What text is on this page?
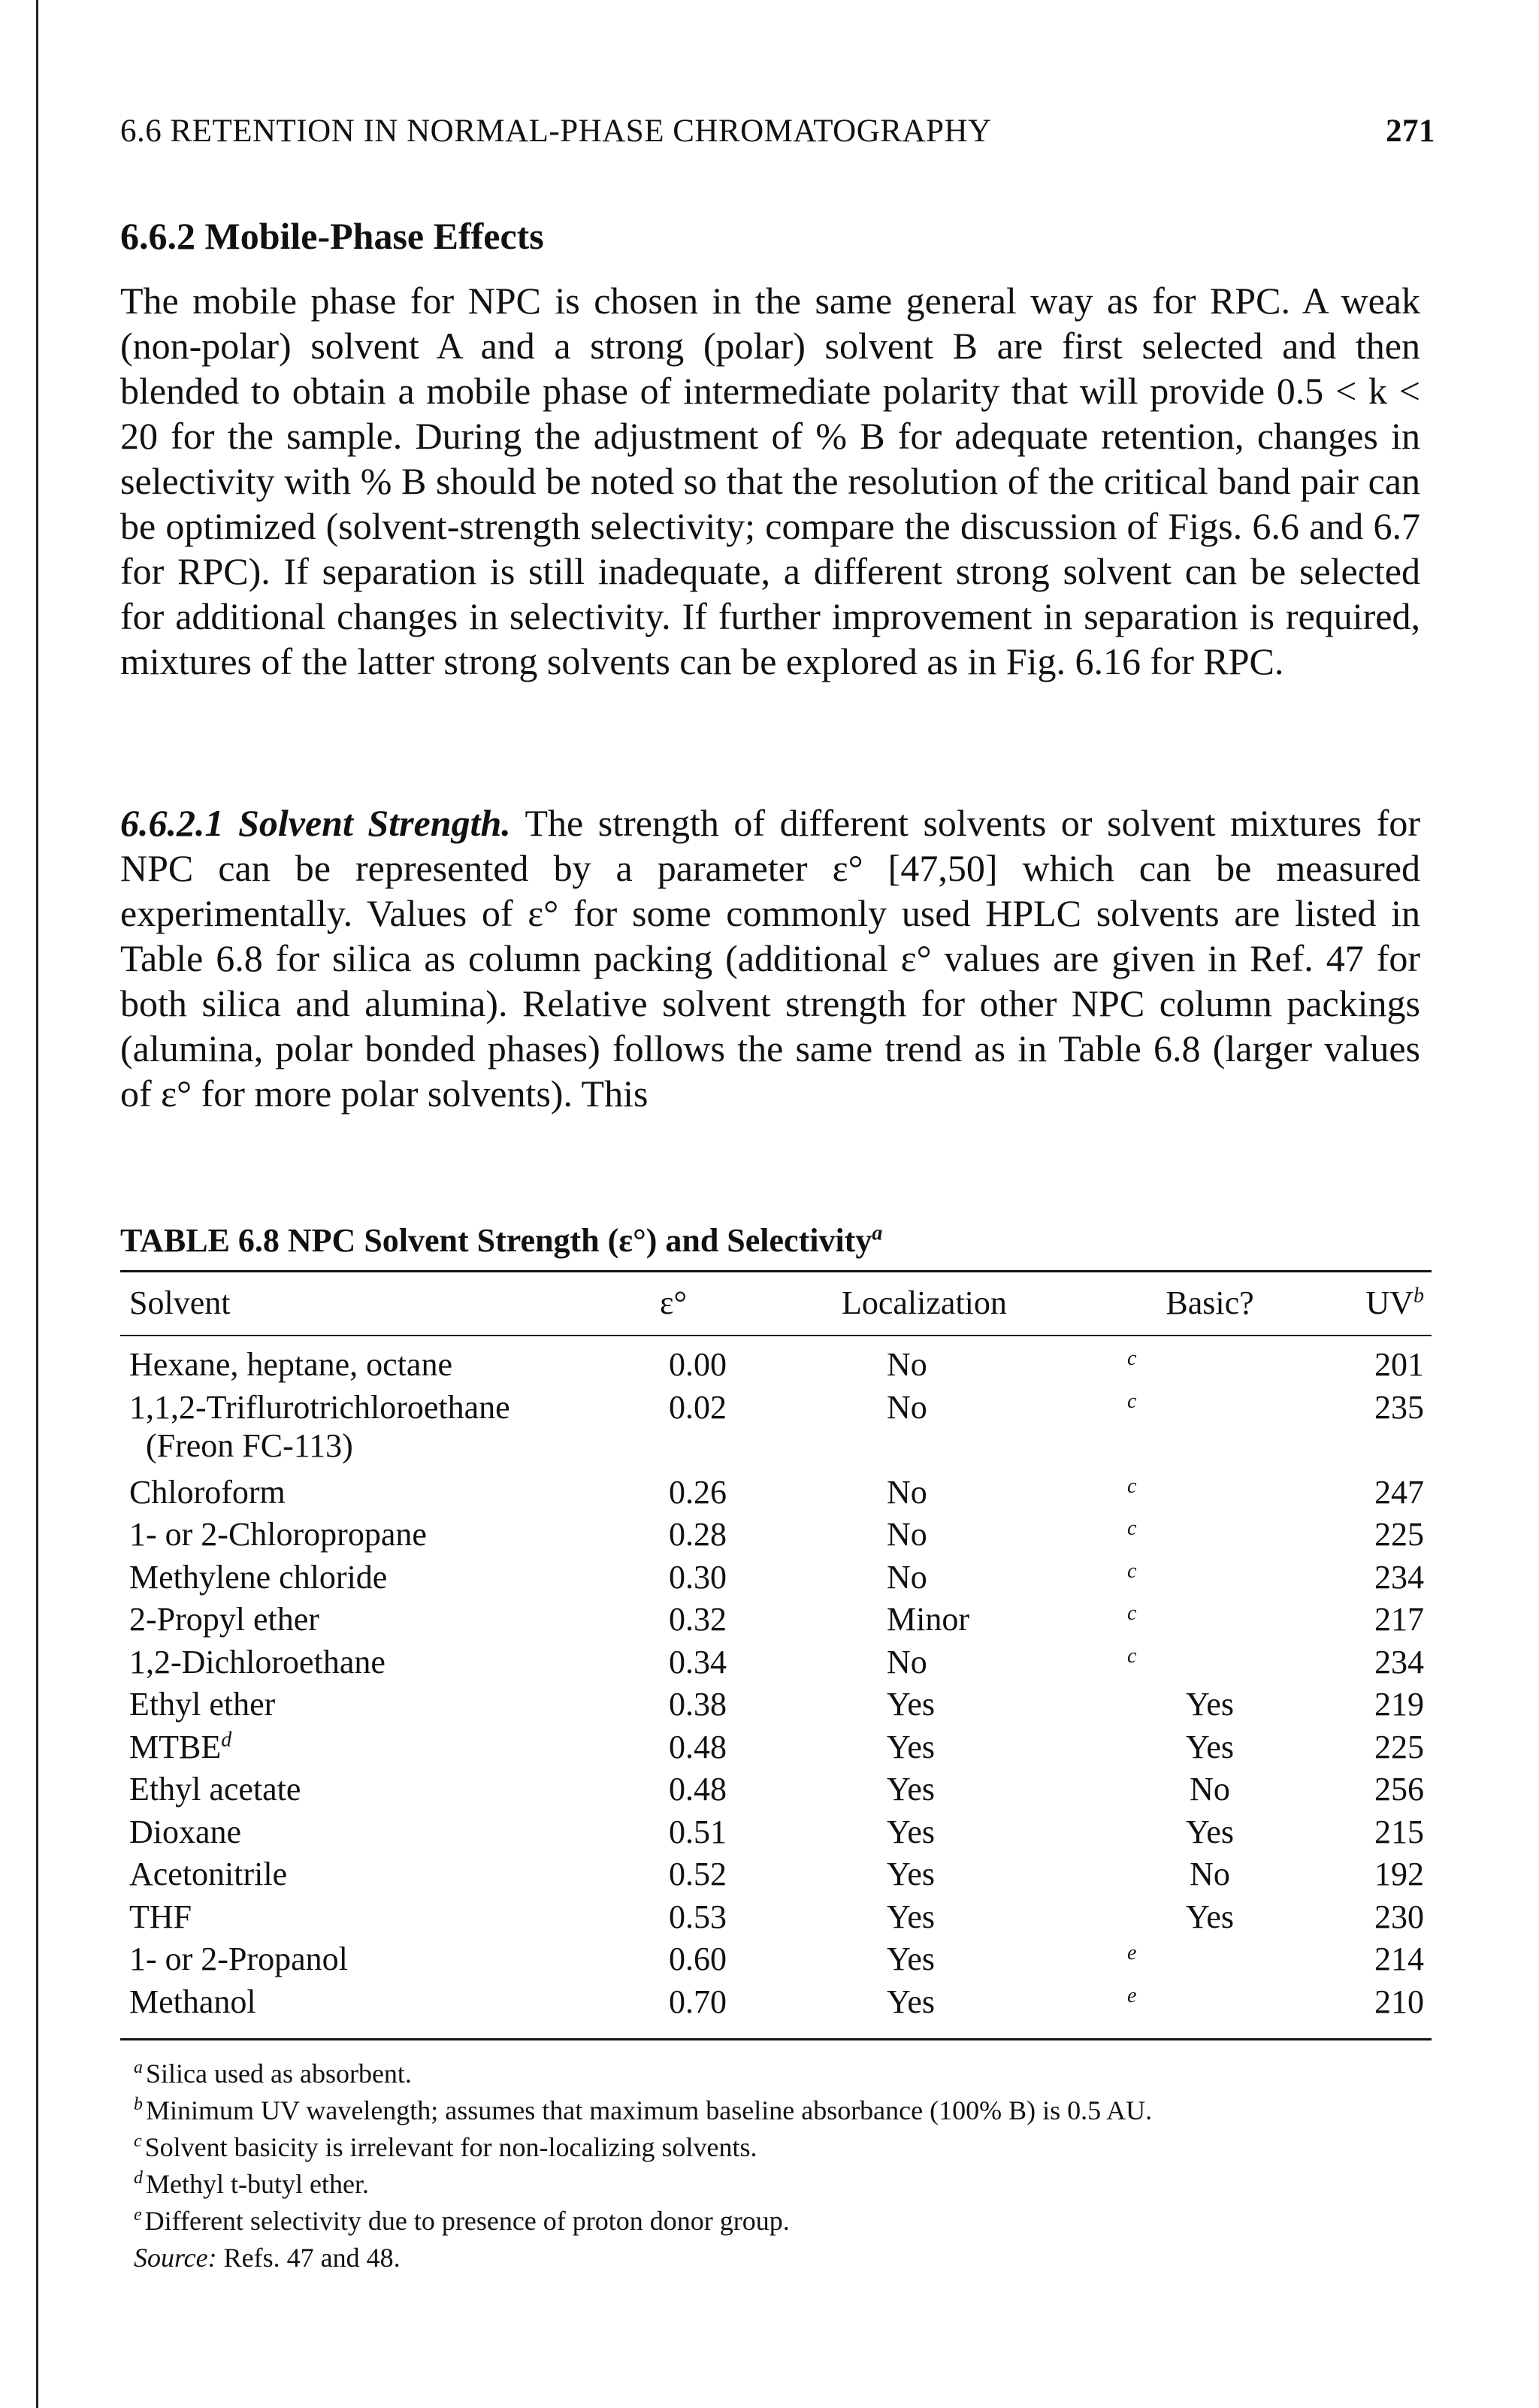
6.6 RETENTION IN NORMAL-PHASE CHROMATOGRAPHY	271
6.6.2 Mobile-Phase Effects

The mobile phase for NPC is chosen in the same general way as for RPC. A weak (non-polar) solvent A and a strong (polar) solvent B are first selected and then blended to obtain a mobile phase of intermediate polarity that will provide 0.5 < k < 20 for the sample. During the adjustment of % B for adequate retention, changes in selectivity with % B should be noted so that the resolution of the critical band pair can be optimized (solvent-strength selectivity; compare the discussion of Figs. 6.6 and 6.7 for RPC). If separation is still inadequate, a different strong solvent can be selected for additional changes in selectivity. If further improvement in separation is required, mixtures of the latter strong solvents can be explored as in Fig. 6.16 for RPC.

6.6.2.1 Solvent Strength. The strength of different solvents or solvent mixtures for NPC can be represented by a parameter ε° [47,50] which can be measured experimentally. Values of ε° for some commonly used HPLC solvents are listed in Table 6.8 for silica as column packing (additional ε° values are given in Ref. 47 for both silica and alumina). Relative solvent strength for other NPC column packings (alumina, polar bonded phases) follows the same trend as in Table 6.8 (larger values of ε° for more polar solvents). This

TABLE 6.8 NPC Solvent Strength (ε°) and Selectivity$^a$
Solvent	ε°	Localization	Basic?	$UV^b$
Hexane, heptane, octane	0.00	No	$^c$	201
1,1,2-Triflurotrichloroethane
(Freon FC-113)
0.02	No	$^c$	235
Chloroform	0.26	No	$^c$	247
1- or 2-Chloropropane	0.28	No	$^c$	225
Methylene chloride	0.30	No	$^c$	234
2-Propyl ether	0.32	Minor	$^c$	217
1,2-Dichloroethane	0.34	No	$^c$	234
Ethyl ether	0.38	Yes	Yes	219
MTBE$^d$	0.48	Yes	Yes	225
Ethyl acetate	0.48	Yes	No	256
Dioxane	0.51	Yes	Yes	215
Acetonitrile	0.52	Yes	No	192
THF	0.53	Yes	Yes	230
1- or 2-Propanol	0.60	Yes	$^e$	214
Methanol	0.70	Yes	$^e$	210
$^a$ Silica used as absorbent.
$^b$ Minimum UV wavelength; assumes that maximum baseline absorbance (100% B) is 0.5 AU.
$^c$ Solvent basicity is irrelevant for non-localizing solvents.
$^d$ Methyl t-butyl ether.
$^e$ Different selectivity due to presence of proton donor group.
Source: Refs. 47 and 48.
